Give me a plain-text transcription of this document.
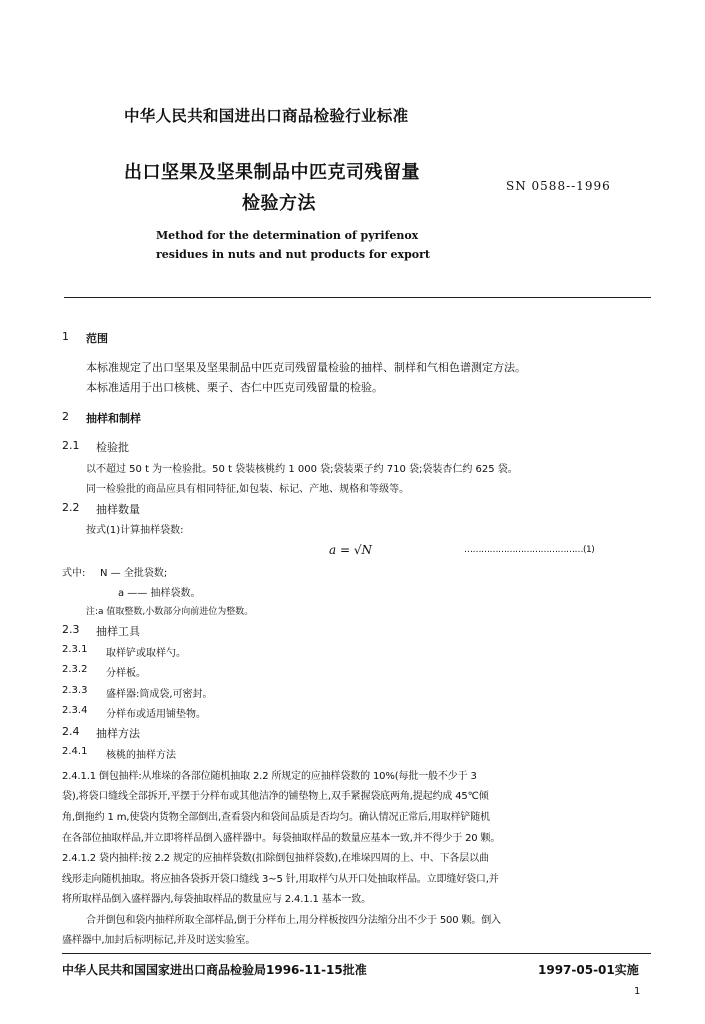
中华人民共和国进出口商品检验行业标准
出口坚果及坚果制品中匹克司残留量
检验方法
SN 0588--1996
Method for the determination of pyrifenox
residues in nuts and nut products for export
1 范围
本标准规定了出口坚果及坚果制品中匹克司残留量检验的抽样、制样和气相色谱测定方法。
本标准适用于出口核桃、栗子、杏仁中匹克司残留量的检验。
2 抽样和制样
2.1 检验批
以不超过 50 t 为一检验批。50 t 袋装核桃约 1 000 袋;袋装栗子约 710 袋;袋装杏仁约 625 袋。
同一检验批的商品应具有相同特征,如包装、标记、产地、规格和等级等。
2.2 抽样数量
按式(1)计算抽样袋数:
a = √N	……………………………………(1)
式中: N — 全批袋数;
a —— 抽样袋数。
注:a 值取整数,小数部分向前进位为整数。
2.3 抽样工具
2.3.1 取样铲或取样勺。
2.3.2 分样板。
2.3.3 盛样器:筒成袋,可密封。
2.3.4 分样布或适用铺垫物。
2.4 抽样方法
2.4.1 核桃的抽样方法
2.4.1.1 倒包抽样:从堆垛的各部位随机抽取 2.2 所规定的应抽样袋数的 10%(每批一般不少于 3
袋),将袋口缝线全部拆开,平摆于分样布或其他洁净的铺垫物上,双手紧握袋底两角,提起约成 45℃倾
角,倒拖约 1 m,使袋内货物全部倒出,查看袋内和袋间品质是否均匀。确认情况正常后,用取样铲随机
在各部位抽取样品,并立即将样品倒入盛样器中。每袋抽取样品的数量应基本一致,并不得少于 20 颗。
2.4.1.2 袋内抽样:按 2.2 规定的应抽样袋数(扣除倒包抽样袋数),在堆垛四周的上、中、下各层以曲
线形走向随机抽取。将应抽各袋拆开袋口缝线 3~5 针,用取样勺从开口处抽取样品。立即缝好袋口,并
将所取样品倒入盛样器内,每袋抽取样品的数量应与 2.4.1.1 基本一致。
合并倒包和袋内抽样所取全部样品,倒于分样布上,用分样板按四分法缩分出不少于 500 颗。倒入
盛样器中,加封后标明标记,并及时送实验室。
中华人民共和国国家进出口商品检验局1996-11-15批准	1997-05-01实施
1
